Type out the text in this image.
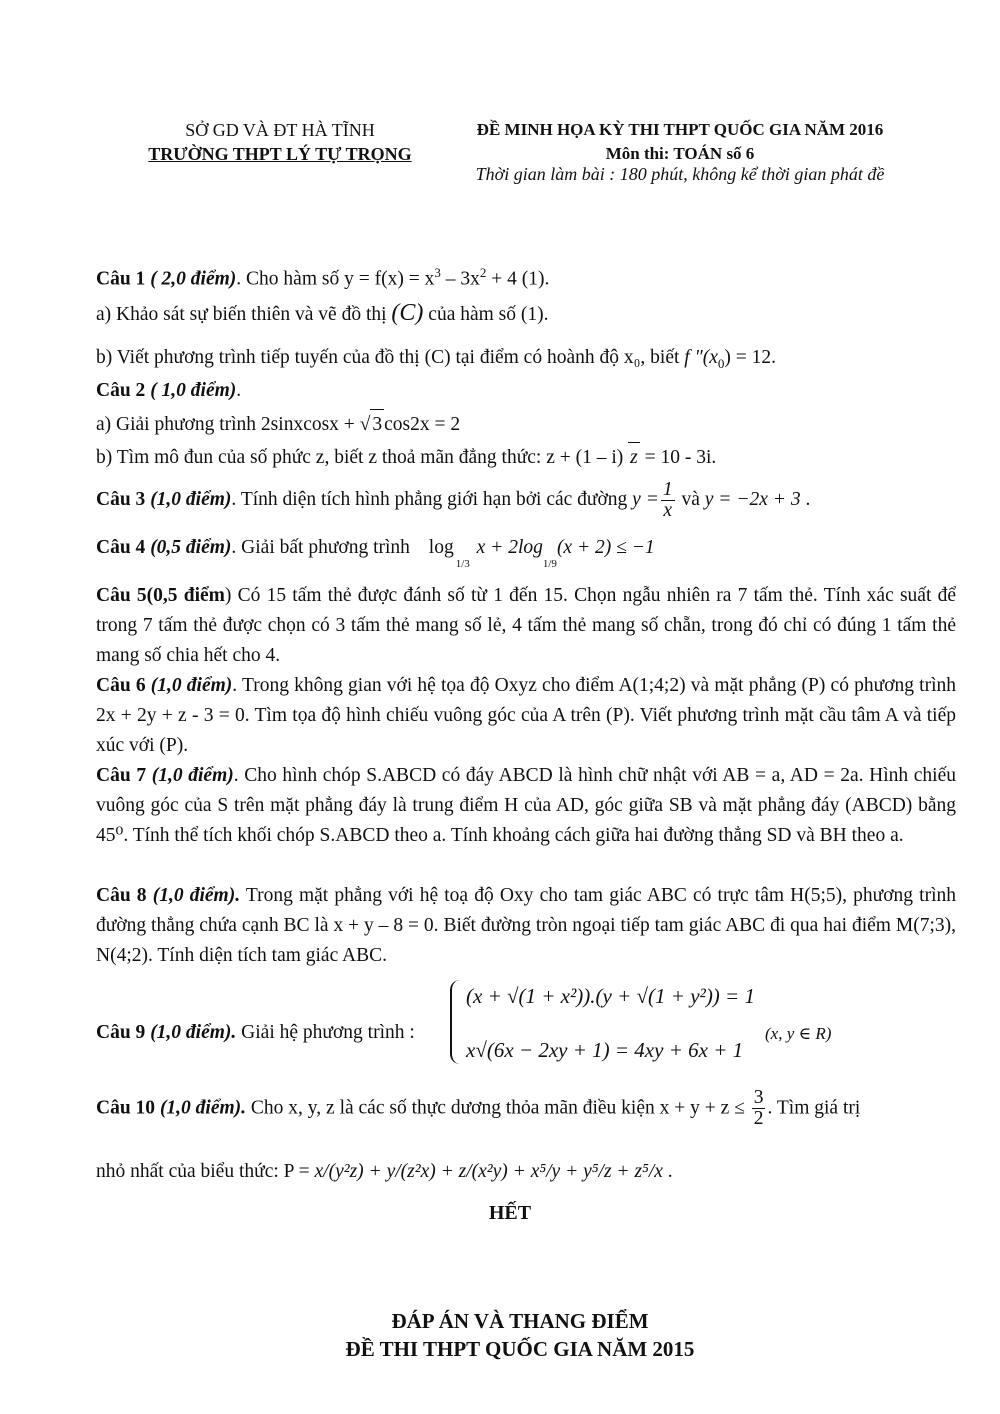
SỞ GD VÀ ĐT HÀ TĨNH
TRƯỜNG THPT LÝ TỰ TRỌNG
ĐỀ MINH HỌA KỲ THI THPT QUỐC GIA NĂM 2016
Môn thi: TOÁN số 6
Thời gian làm bài : 180 phút, không kể thời gian phát đề
Câu 1 ( 2,0 điểm). Cho hàm số $y = f(x) = x^3 - 3x^2 + 4$ (1).
a) Khảo sát sự biến thiên và vẽ đồ thị (C) của hàm số (1).
b) Viết phương trình tiếp tuyến của đồ thị (C) tại điểm có hoành độ x₀, biết f $''(x_0) = 12$.
Câu 2 ( 1,0 điểm).
a) Giải phương trình 2sinxcosx + √ 3 cos2x = 2
b) Tìm mô đun của số phức z, biết z thoả mãn đẳng thức: z + (1 – i) z = 10 - 3i.
Câu 3 (1,0 điểm). Tính diện tích hình phẳng giới hạn bởi các đường $y = \frac{1}{x}$ và y = −2x + 3 .
Câu 4 (0,5 điểm). Giải bất phương trình $\log_{1/3} x + 2\log_{1/9}(x + 2) \le -1$
Câu 5(0,5 điểm) Có 15 tấm thẻ được đánh số từ 1 đến 15. Chọn ngẫu nhiên ra 7 tấm thẻ. Tính xác suất để trong 7 tấm thẻ được chọn có 3 tấm thẻ mang số lẻ, 4 tấm thẻ mang số chẵn, trong đó chỉ có đúng 1 tấm thẻ mang số chia hết cho 4.
Câu 6 (1,0 điểm). Trong không gian với hệ tọa độ Oxyz cho điểm A(1;4;2) và mặt phẳng (P) có phương trình 2x + 2y + z - 3 = 0. Tìm tọa độ hình chiếu vuông góc của A trên (P). Viết phương trình mặt cầu tâm A và tiếp xúc với (P).
Câu 7 (1,0 điểm). Cho hình chóp S.ABCD có đáy ABCD là hình chữ nhật với AB = a, AD = 2a. Hình chiếu vuông góc của S trên mặt phẳng đáy là trung điểm H của AD, góc giữa SB và mặt phẳng đáy (ABCD) bằng 45⁰. Tính thể tích khối chóp S.ABCD theo a. Tính khoảng cách giữa hai đường thẳng SD và BH theo a.
Câu 8 (1,0 điểm). Trong mặt phẳng với hệ toạ độ Oxy cho tam giác ABC có trực tâm H(5;5), phương trình đường thẳng chứa cạnh BC là x + y – 8 = 0. Biết đường tròn ngoại tiếp tam giác ABC đi qua hai điểm M(7;3), N(4;2). Tính diện tích tam giác ABC.
Câu 9 (1,0 điểm). Giải hệ phương trình :
(x + √(1 + x²)).(y + √(1 + y²)) = 1
x√(6x − 2xy + 1) = 4xy + 6x + 1
(x, y ∈ R)
Câu 10 (1,0 điểm). Cho x, y, z là các số thực dương thỏa mãn điều kiện $x + y + z \le \frac{3}{2}$ . Tìm giá trị
nhỏ nhất của biểu thức: P = x/(y²z) + y/(z²x) + z/(x²y) + x⁵/y + y⁵/z + z⁵/x .
HẾT
ĐÁP ÁN VÀ THANG ĐIỂM
ĐỀ THI THPT QUỐC GIA NĂM 2015
